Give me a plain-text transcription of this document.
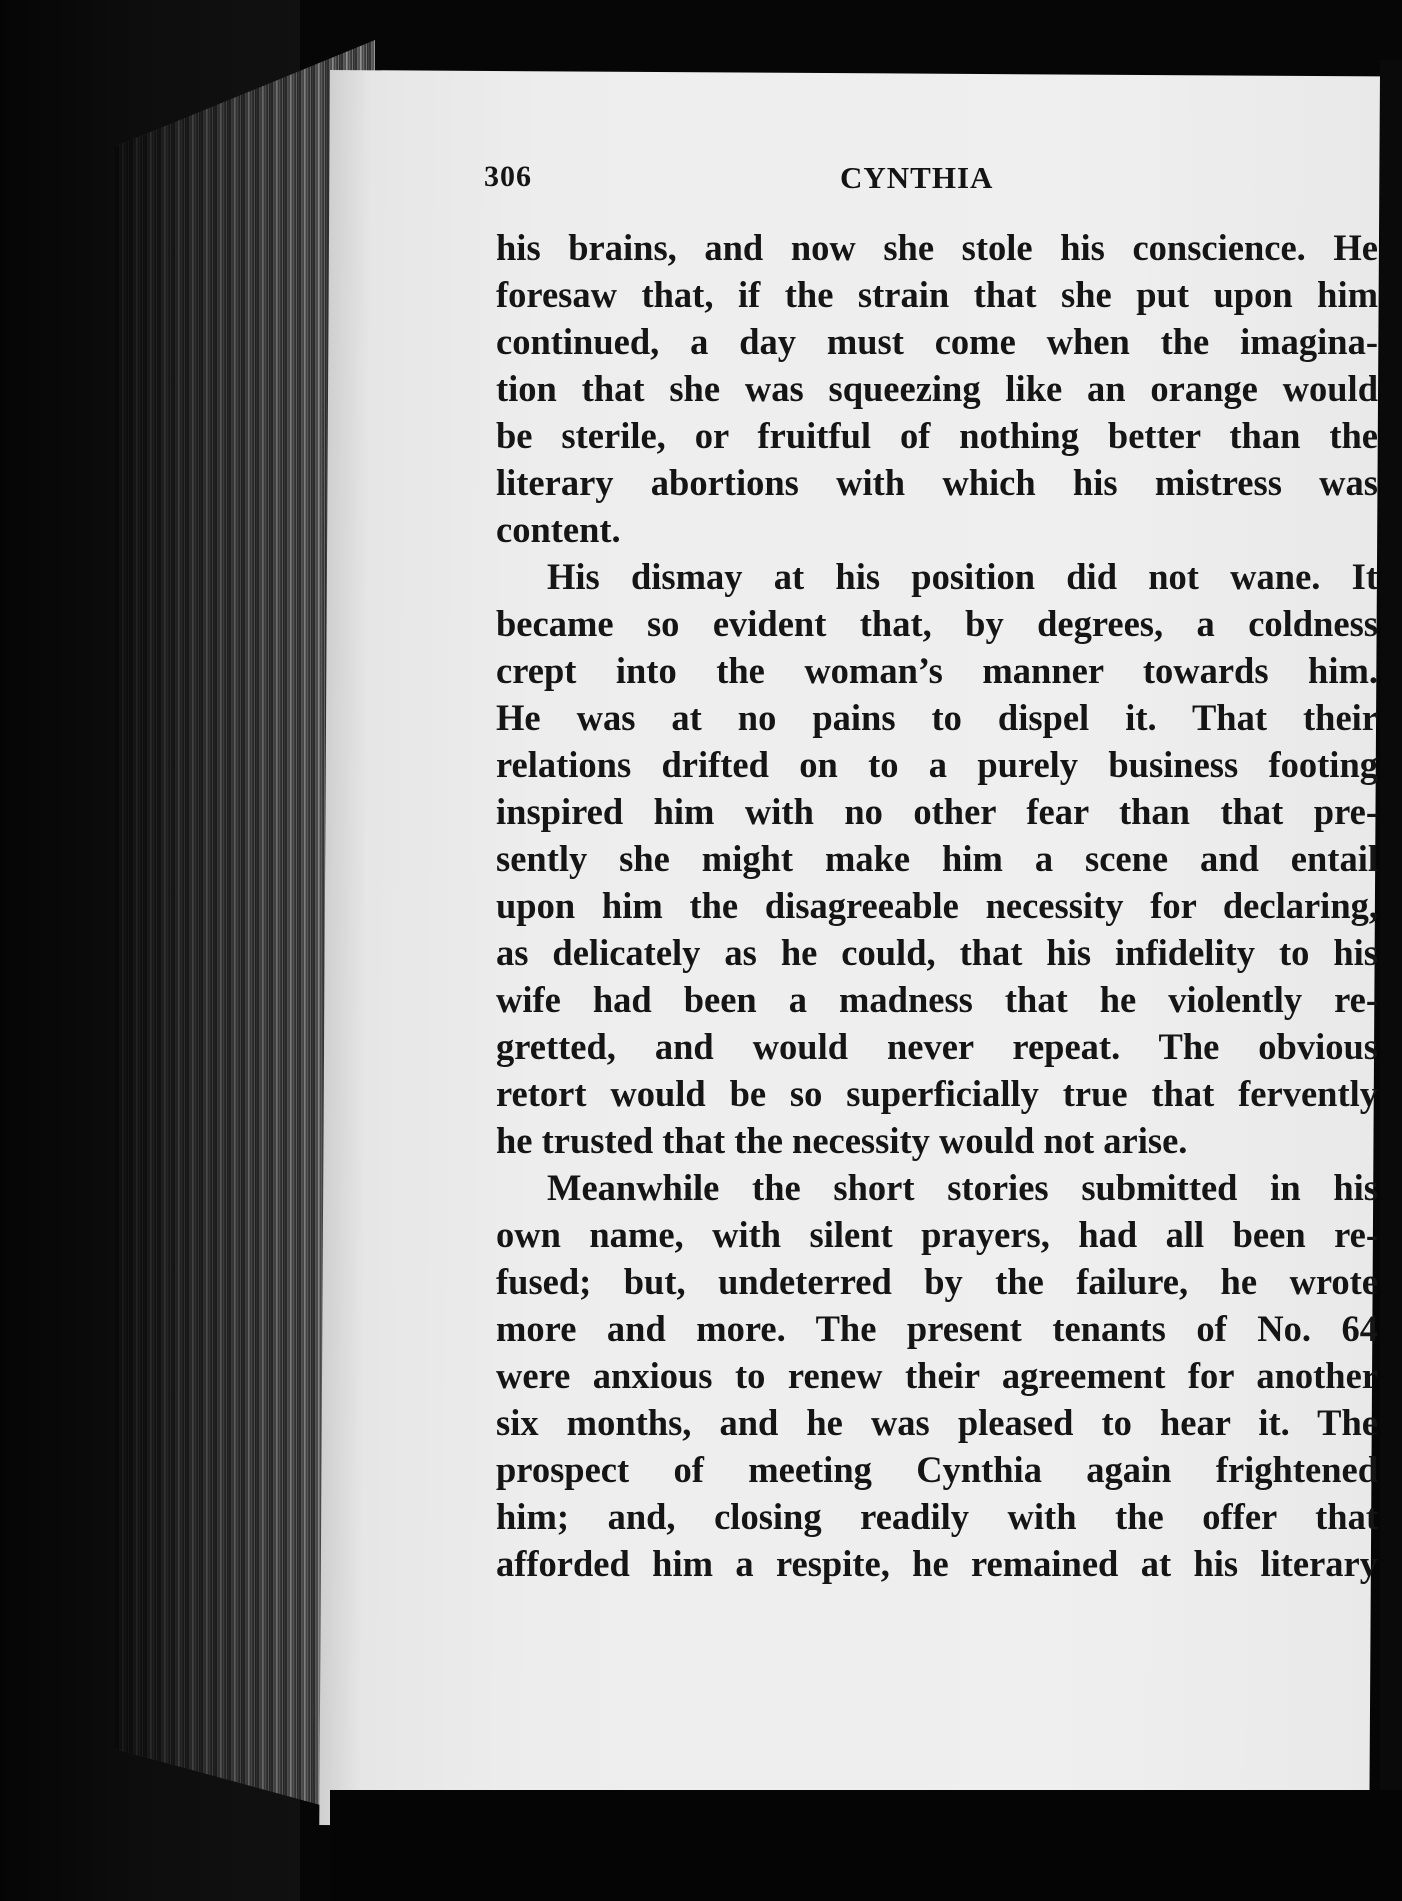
306	CYNTHIA
his brains, and now she stole his conscience. He
foresaw that, if the strain that she put upon him
continued, a day must come when the imagina-
tion that she was squeezing like an orange would
be sterile, or fruitful of nothing better than the
literary abortions with which his mistress was
content.
His dismay at his position did not wane. It
became so evident that, by degrees, a coldness
crept into the woman’s manner towards him.
He was at no pains to dispel it. That their
relations drifted on to a purely business footing
inspired him with no other fear than that pre-
sently she might make him a scene and entail
upon him the disagreeable necessity for declaring,
as delicately as he could, that his infidelity to his
wife had been a madness that he violently re-
gretted, and would never repeat. The obvious
retort would be so superficially true that fervently
he trusted that the necessity would not arise.
Meanwhile the short stories submitted in his
own name, with silent prayers, had all been re-
fused; but, undeterred by the failure, he wrote
more and more. The present tenants of No. 64
were anxious to renew their agreement for another
six months, and he was pleased to hear it. The
prospect of meeting Cynthia again frightened
him; and, closing readily with the offer that
afforded him a respite, he remained at his literary
